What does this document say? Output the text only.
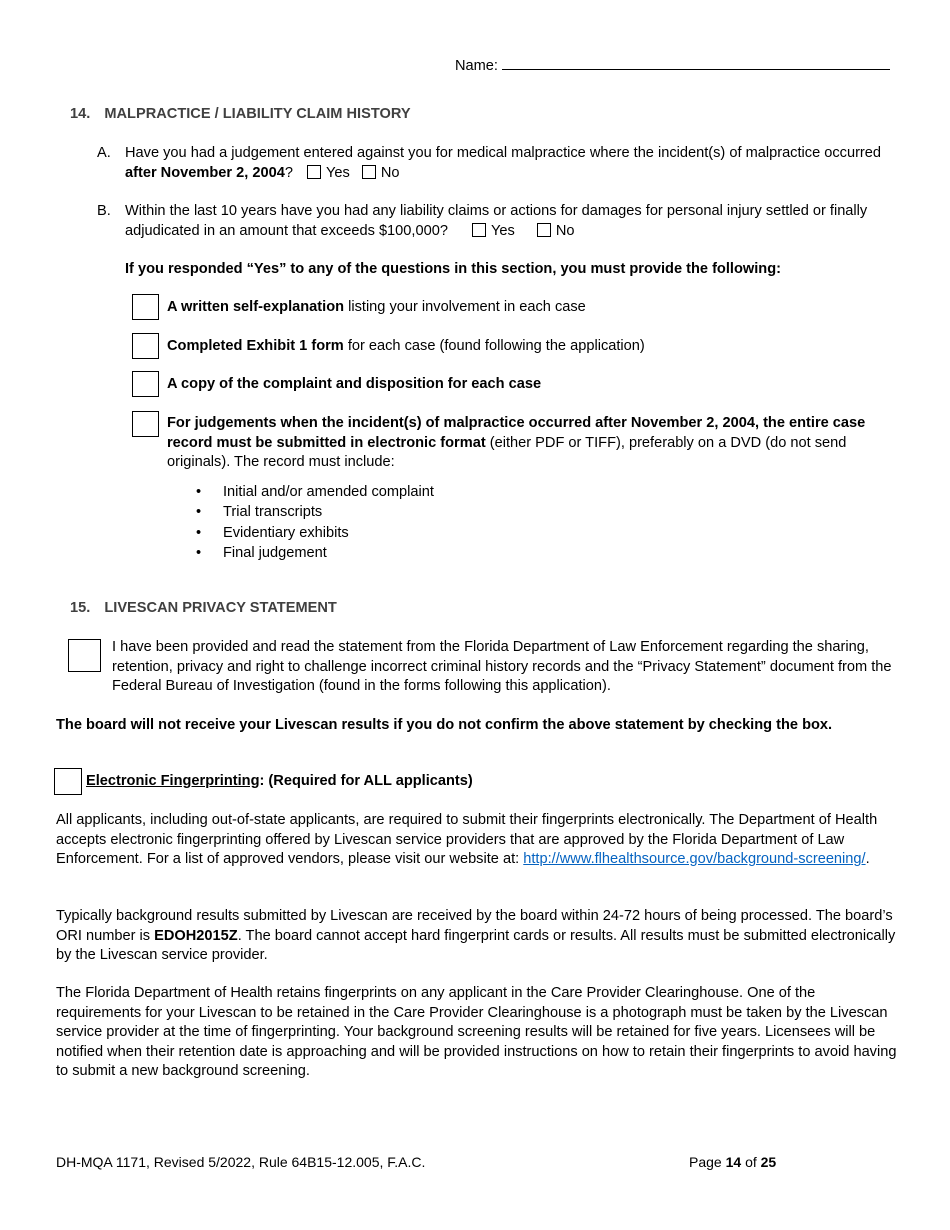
Name:
14. MALPRACTICE / LIABILITY CLAIM HISTORY
A. Have you had a judgement entered against you for medical malpractice where the incident(s) of malpractice occurred after November 2, 2004? Yes No
B. Within the last 10 years have you had any liability claims or actions for damages for personal injury settled or finally adjudicated in an amount that exceeds $100,000?	Yes	No
If you responded “Yes” to any of the questions in this section, you must provide the following:
A written self-explanation listing your involvement in each case
Completed Exhibit 1 form for each case (found following the application)
A copy of the complaint and disposition for each case
For judgements when the incident(s) of malpractice occurred after November 2, 2004, the entire case record must be submitted in electronic format (either PDF or TIFF), preferably on a DVD (do not send originals). The record must include:
• Initial and/or amended complaint
• Trial transcripts
• Evidentiary exhibits
• Final judgement
15. LIVESCAN PRIVACY STATEMENT
I have been provided and read the statement from the Florida Department of Law Enforcement regarding the sharing, retention, privacy and right to challenge incorrect criminal history records and the “Privacy Statement” document from the Federal Bureau of Investigation (found in the forms following this application).
The board will not receive your Livescan results if you do not confirm the above statement by checking the box.
Electronic Fingerprinting: (Required for ALL applicants)
All applicants, including out-of-state applicants, are required to submit their fingerprints electronically. The Department of Health accepts electronic fingerprinting offered by Livescan service providers that are approved by the Florida Department of Law Enforcement. For a list of approved vendors, please visit our website at: http://www.flhealthsource.gov/background-screening/.
Typically background results submitted by Livescan are received by the board within 24-72 hours of being processed. The board’s ORI number is EDOH2015Z. The board cannot accept hard fingerprint cards or results. All results must be submitted electronically by the Livescan service provider.
The Florida Department of Health retains fingerprints on any applicant in the Care Provider Clearinghouse. One of the requirements for your Livescan to be retained in the Care Provider Clearinghouse is a photograph must be taken by the Livescan service provider at the time of fingerprinting. Your background screening results will be retained for five years. Licensees will be notified when their retention date is approaching and will be provided instructions on how to retain their fingerprints to avoid having to submit a new background screening.
DH-MQA 1171, Revised 5/2022, Rule 64B15-12.005, F.A.C.	Page 14 of 25
